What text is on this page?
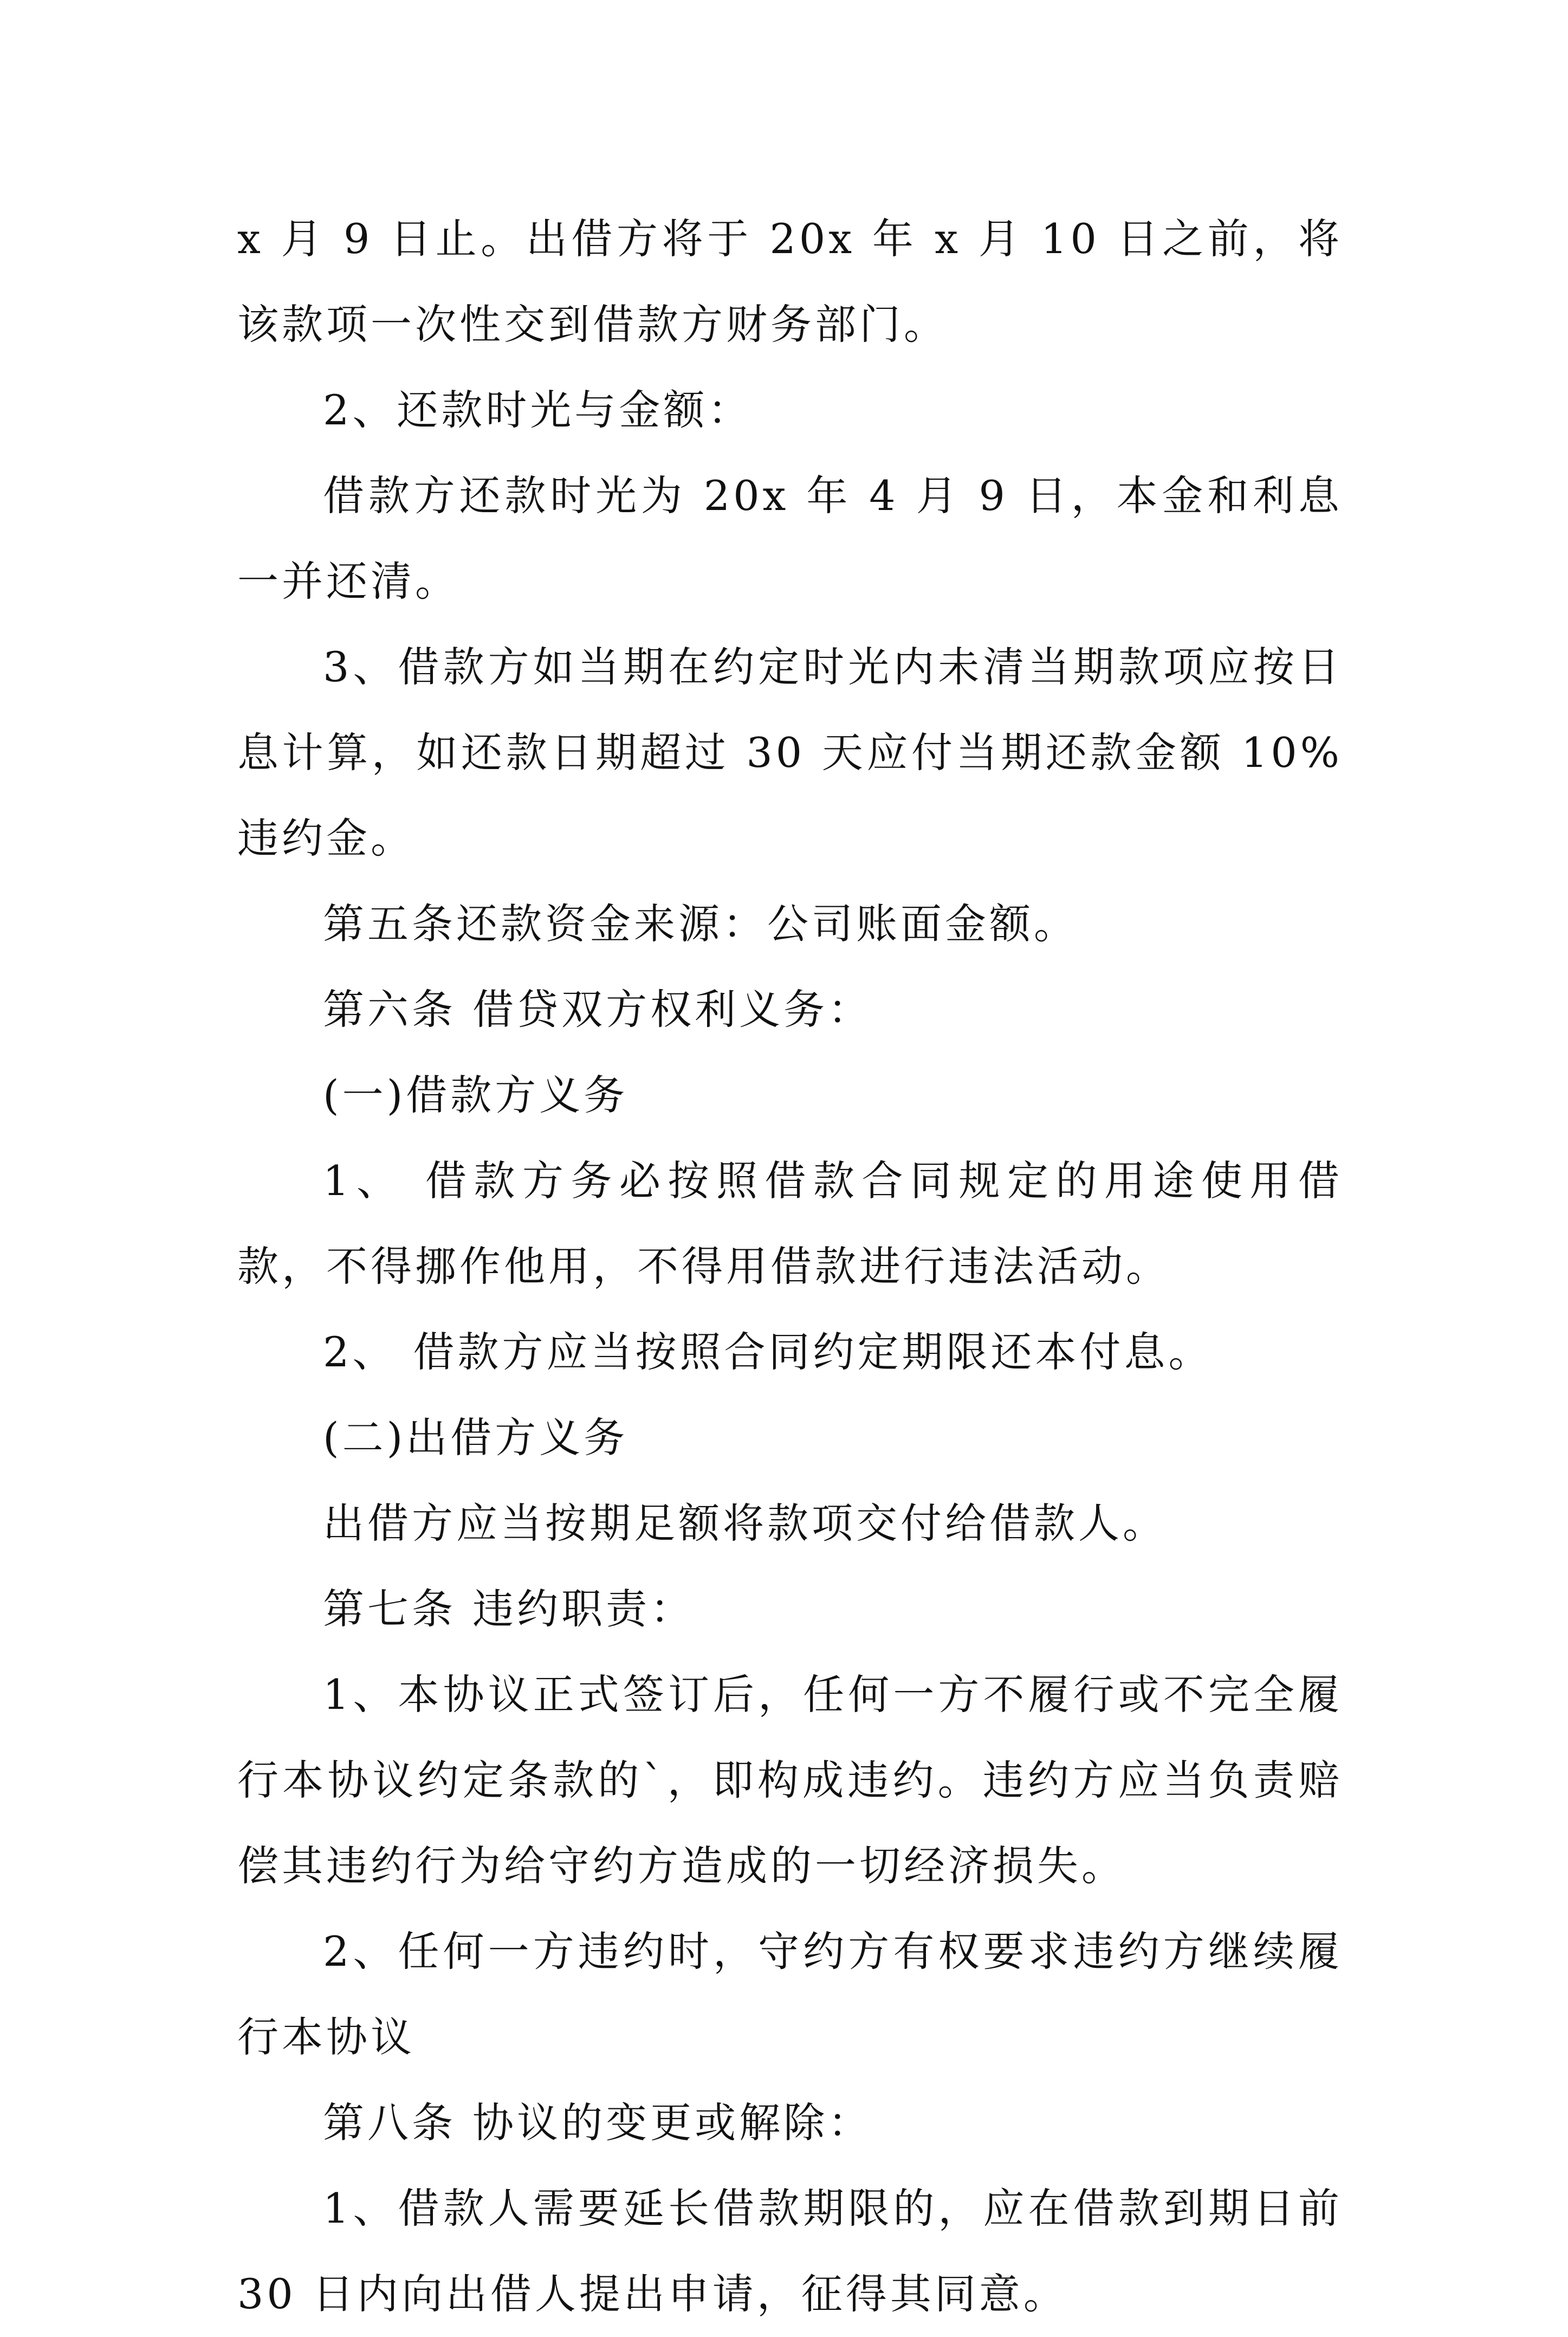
x 月 9 日止。出借方将于 20x 年 x 月 10 日之前，将该款项一次性交到借款方财务部门。

2、还款时光与金额：

借款方还款时光为 20x 年 4 月 9 日，本金和利息一并还清。

3、借款方如当期在约定时光内未清当期款项应按日息计算，如还款日期超过 30 天应付当期还款金额 10%违约金。

第五条还款资金来源：公司账面金额。

第六条 借贷双方权利义务：

(一)借款方义务

1、 借款方务必按照借款合同规定的用途使用借款，不得挪作他用，不得用借款进行违法活动。

2、 借款方应当按照合同约定期限还本付息。

(二)出借方义务

出借方应当按期足额将款项交付给借款人。

第七条 违约职责：

1、本协议正式签订后，任何一方不履行或不完全履行本协议约定条款的`，即构成违约。违约方应当负责赔偿其违约行为给守约方造成的一切经济损失。

2、任何一方违约时，守约方有权要求违约方继续履行本协议

第八条 协议的变更或解除：

1、借款人需要延长借款期限的，应在借款到期日前 30 日内向出借人提出申请，征得其同意。
